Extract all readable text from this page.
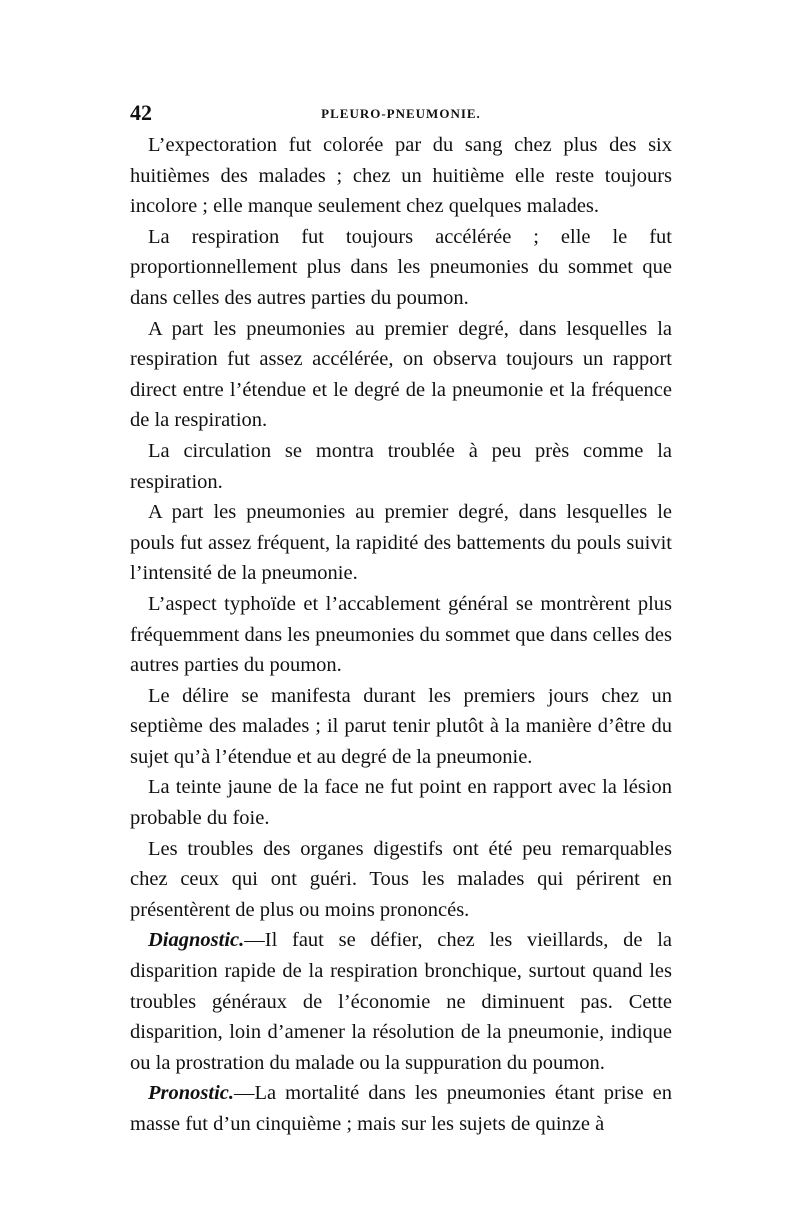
42	PLEURO-PNEUMONIE.

L’expectoration fut colorée par du sang chez plus des six huitièmes des malades ; chez un huitième elle reste toujours incolore ; elle manque seulement chez quelques malades.

La respiration fut toujours accélérée ; elle le fut proportionnellement plus dans les pneumonies du sommet que dans celles des autres parties du poumon.

A part les pneumonies au premier degré, dans lesquelles la respiration fut assez accélérée, on observa toujours un rapport direct entre l’étendue et le degré de la pneumonie et la fréquence de la respiration.

La circulation se montra troublée à peu près comme la respiration.

A part les pneumonies au premier degré, dans lesquelles le pouls fut assez fréquent, la rapidité des battements du pouls suivit l’intensité de la pneumonie.

L’aspect typhoïde et l’accablement général se montrèrent plus fréquemment dans les pneumonies du sommet que dans celles des autres parties du poumon.

Le délire se manifesta durant les premiers jours chez un septième des malades ; il parut tenir plutôt à la manière d’être du sujet qu’à l’étendue et au degré de la pneumonie.

La teinte jaune de la face ne fut point en rapport avec la lésion probable du foie.

Les troubles des organes digestifs ont été peu remarquables chez ceux qui ont guéri. Tous les malades qui périrent en présentèrent de plus ou moins prononcés.

Diagnostic.—Il faut se défier, chez les vieillards, de la disparition rapide de la respiration bronchique, surtout quand les troubles généraux de l’économie ne diminuent pas. Cette disparition, loin d’amener la résolution de la pneumonie, indique ou la prostration du malade ou la suppuration du poumon.

Pronostic.—La mortalité dans les pneumonies étant prise en masse fut d’un cinquième ; mais sur les sujets de quinze à
